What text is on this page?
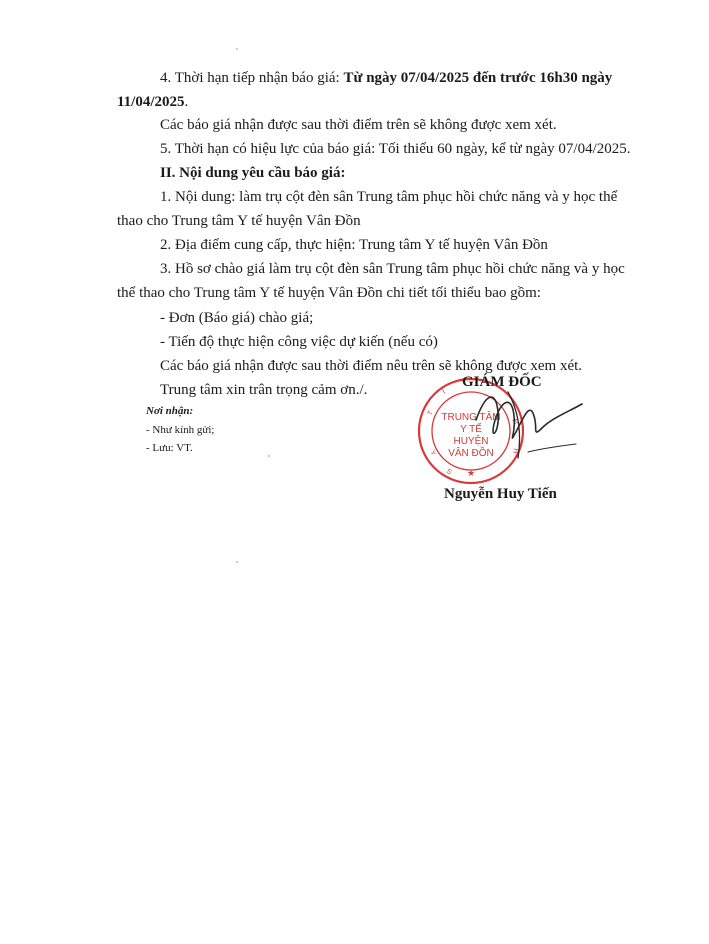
4. Thời hạn tiếp nhận báo giá: Từ ngày 07/04/2025 đến trước 16h30 ngày
11/04/2025.
Các báo giá nhận được sau thời điểm trên sẽ không được xem xét.
5. Thời hạn có hiệu lực của báo giá: Tối thiểu 60 ngày, kể từ ngày 07/04/2025.
II. Nội dung yêu cầu báo giá:
1. Nội dung: làm trụ cột đèn sân Trung tâm phục hồi chức năng và y học thể
thao cho Trung tâm Y tế huyện Vân Đồn
2. Địa điểm cung cấp, thực hiện: Trung tâm Y tế huyện Vân Đồn
3. Hồ sơ chào giá làm trụ cột đèn sân Trung tâm phục hồi chức năng và y học
thể thao cho Trung tâm Y tế huyện Vân Đồn chi tiết tối thiểu bao gồm:
- Đơn (Báo giá) chào giá;
- Tiến độ thực hiện công việc dự kiến (nếu có)
Các báo giá nhận được sau thời điểm nêu trên sẽ không được xem xét.
Trung tâm xin trân trọng cảm ơn./.
Nơi nhận:
- Như kính gửi;
- Lưu: VT.
TRUNG TÂM
Y TẾ
HUYỆN
VÂN ĐỒN
★
T
Ỉ
N
H
Y
S
GIÁM ĐỐC
Nguyễn Huy Tiến
